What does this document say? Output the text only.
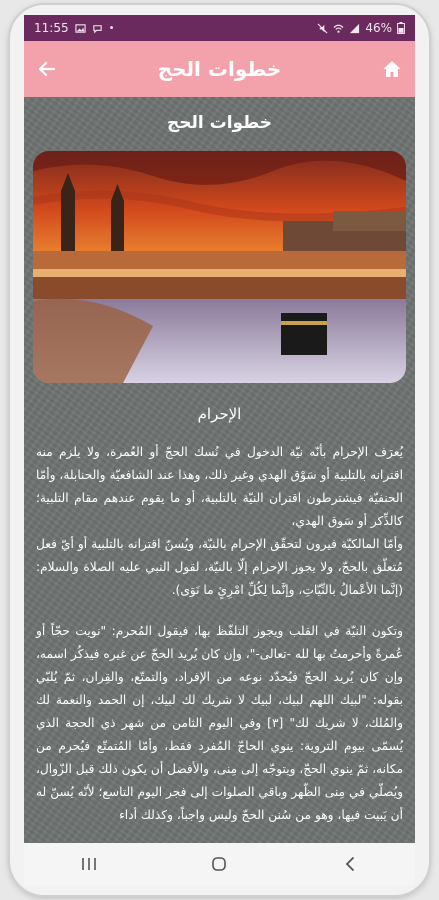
11:55	•	46%
خطوات الحج
خطوات الحج
الإحرام

يُعرَف الإحرام بأنّه نيّة الدخول في نُسك الحجّ أو العُمرة، ولا يلزم منه اقترانه بالتلبية أو سَوْق الهدي وغير ذلك، وهذا عند الشافعيّة والحنابلة، وأمّا الحنفيّة فيشترطون اقتران النيّة بالتلبية، أو ما يقوم عندهم مقام التلبية؛ كالذِّكر أو سَوق الهدي،
وأمّا المالكيّة فيرون لتحقّق الإحرام بالنيّة، ويُسنّ اقترانه بالتلبية أو أيّ فعل مُتعلّق بالحجّ، ولا يجوز الإحرام إلّا بالنيّة، لقول النبي عليه الصلاة والسلام: (إنَّما الأعْمالُ بالنِّيّاتِ، وإنَّما لِكُلِّ امْرِئٍ ما نَوَى).

وتكون النيّة في القلب ويجوز التلفّظ بها، فيقول المُحرم: "نويت حجّاً أو عُمرةً وأحرمتُ بها لله -تعالى-"، وإن كان يُريد الحجّ عن غيره فيذكُر اسمه، وإن كان يُريد الحجّ فيُحدّد نوعه من الإفراد، والتمتّع، والقِران، ثمّ يُلبّي بقوله: "لبيك اللهم لبيك، لبيك لا شريك لك لبيك، إن الحمد والنعمة لك والمُلك، لا شريك لك" [٣] وفي اليوم الثامن من شهر ذي الحجة الذي يُسمّى بيوم التروية: ينوي الحاجّ المُفرد فقط، وأمّا المُتمتّع فيُحرم من مكانه، ثمّ ينوي الحجّ، ويتوجّه إلى مِنى، والأفضل أن يكون ذلك قبل الزّوال، ويُصلّي في مِنى الظّهر وباقي الصلوات إلى فجر اليوم التاسع؛ لأنّه يُسنّ له أن يَبيت فيها، وهو من سُنن الحجّ وليس واجباً، وكذلك أداء
